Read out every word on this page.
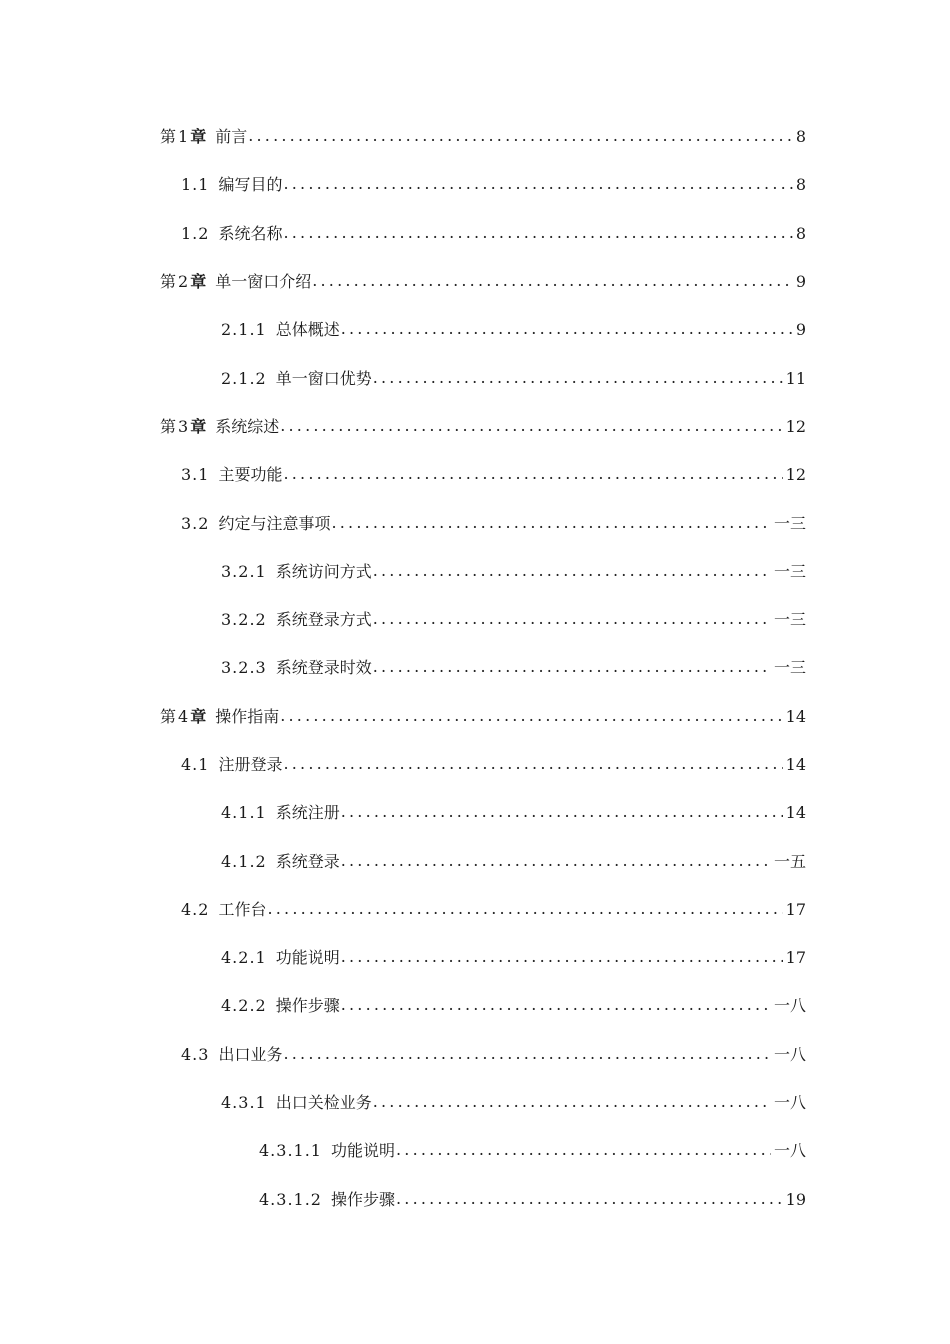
第 1 章 前言 .....	8
1.1 编写目的 .....	8
1.2 系统名称 .....	8
第 2 章 单一窗口介绍 .....	9
2.1.1 总体概述 .....	9
2.1.2 单一窗口优势 .....	11
第 3 章 系统综述 .....	12
3.1 主要功能 .....	12
3.2 约定与注意事项 .....	一三
3.2.1 系统访问方式 .....	一三
3.2.2 系统登录方式 .....	一三
3.2.3 系统登录时效 .....	一三
第 4 章 操作指南 .....	14
4.1 注册登录 .....	14
4.1.1 系统注册 .....	14
4.1.2 系统登录 .....	一五
4.2 工作台 .....	17
4.2.1 功能说明 .....	17
4.2.2 操作步骤 .....	一八
4.3 出口业务 .....	一八
4.3.1 出口关检业务 .....	一八
4.3.1.1 功能说明 .....	一八
4.3.1.2 操作步骤 .....	19
